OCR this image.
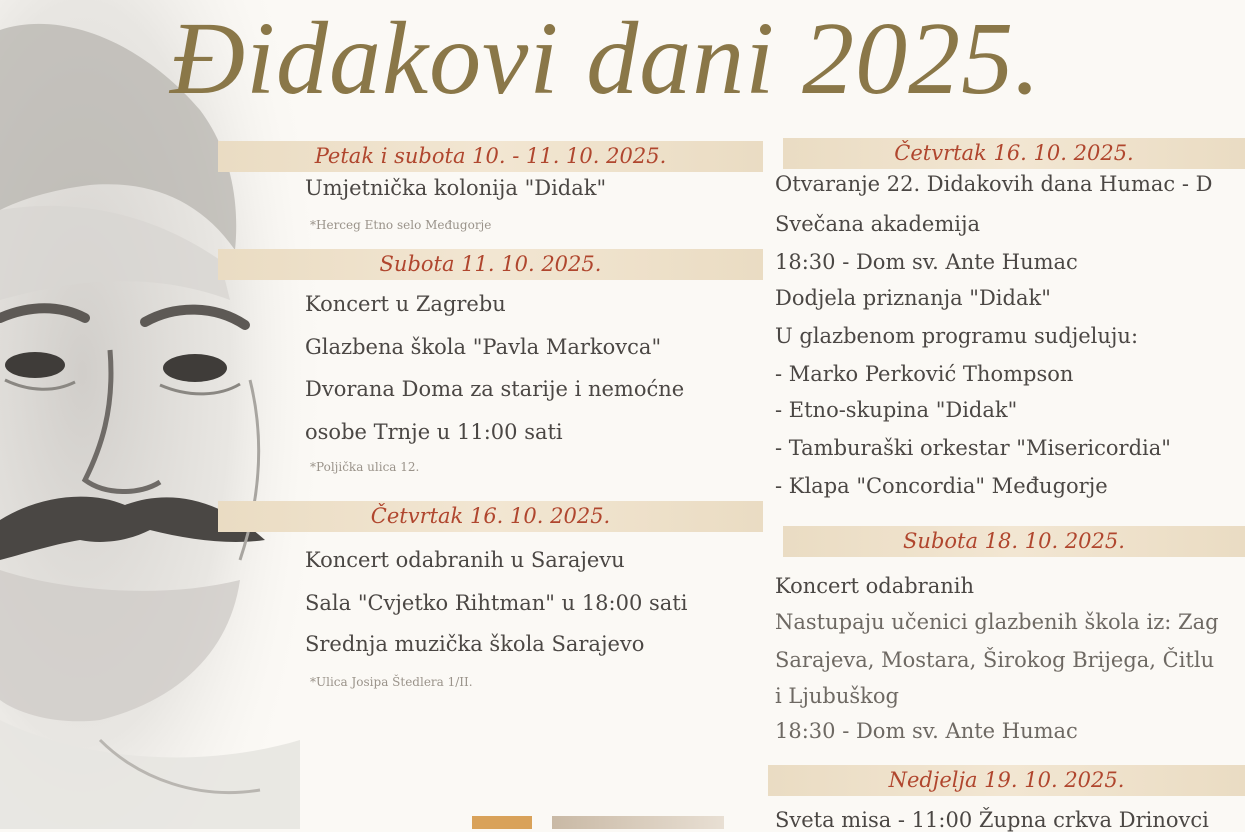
Đidakovi dani 2025.
Petak i subota 10. - 11. 10. 2025.
Umjetnička kolonija "Didak"
*Herceg Etno selo Međugorje
Subota 11. 10. 2025.
Koncert u Zagrebu
Glazbena škola "Pavla Markovca"
Dvorana Doma za starije i nemoćne
osobe Trnje u 11:00 sati
*Poljička ulica 12.
Četvrtak 16. 10. 2025.
Koncert odabranih u Sarajevu
Sala "Cvjetko Rihtman" u 18:00 sati
Srednja muzička škola Sarajevo
*Ulica Josipa Štedlera 1/II.
Četvrtak 16. 10. 2025.
Otvaranje 22. Didakovih dana Humac - D
Svečana akademija
18:30 - Dom sv. Ante Humac
Dodjela priznanja "Didak"
U glazbenom programu sudjeluju:
- Marko Perković Thompson
- Etno-skupina "Didak"
- Tamburaški orkestar "Misericordia"
- Klapa "Concordia" Međugorje
Subota 18. 10. 2025.
Koncert odabranih
Nastupaju učenici glazbenih škola iz: Zag
Sarajeva, Mostara, Širokog Brijega, Čitlu
i Ljubuškog
18:30 - Dom sv. Ante Humac
Nedjelja 19. 10. 2025.
Sveta misa - 11:00 Župna crkva Drinovci
